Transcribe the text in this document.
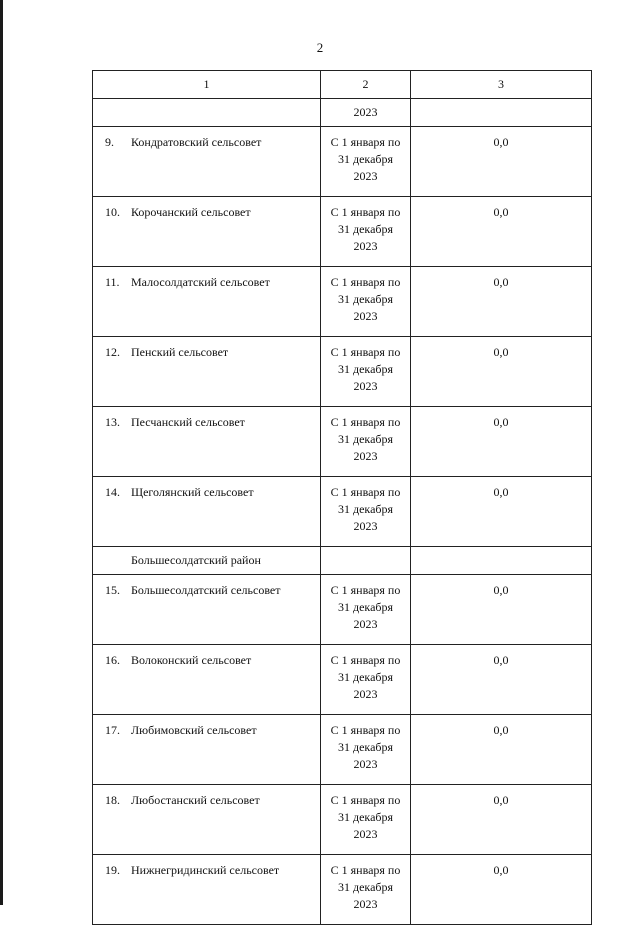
2
1	2	3
	2023	
9. Кондратовский сельсовет	С 1 января по
31 декабря
2023	0,0
10. Корочанский сельсовет	С 1 января по
31 декабря
2023	0,0
11. Малосолдатский сельсовет	С 1 января по
31 декабря
2023	0,0
12. Пенский сельсовет	С 1 января по
31 декабря
2023	0,0
13. Песчанский сельсовет	С 1 января по
31 декабря
2023	0,0
14. Щеголянский сельсовет	С 1 января по
31 декабря
2023	0,0
Большесолдатский район		
15. Большесолдатский сельсовет	С 1 января по
31 декабря
2023	0,0
16. Волоконский сельсовет	С 1 января по
31 декабря
2023	0,0
17. Любимовский сельсовет	С 1 января по
31 декабря
2023	0,0
18. Любостанский сельсовет	С 1 января по
31 декабря
2023	0,0
19. Нижнегридинский сельсовет	С 1 января по
31 декабря
2023	0,0
